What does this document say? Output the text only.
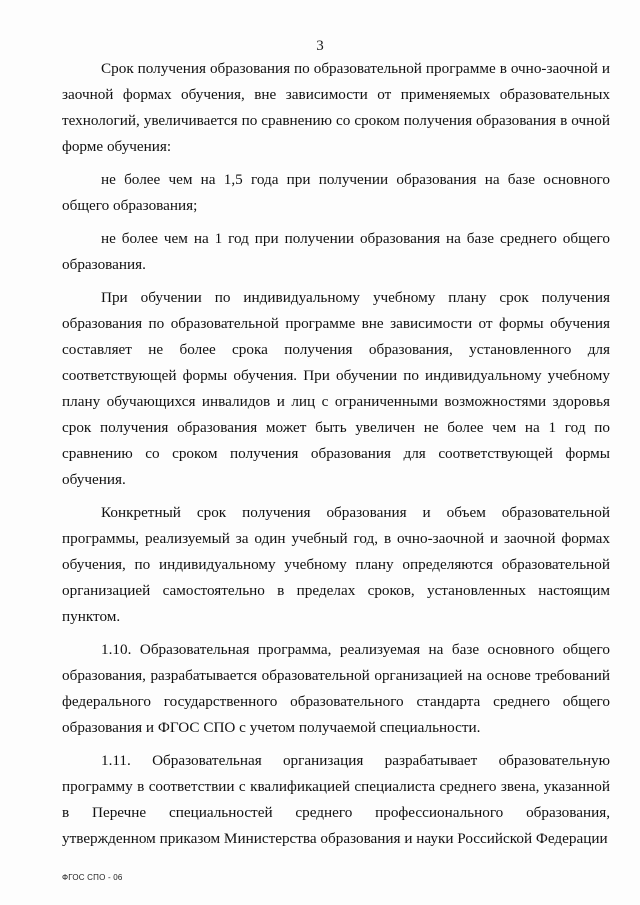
3

Срок получения образования по образовательной программе в очно-заочной и заочной формах обучения, вне зависимости от применяемых образовательных технологий, увеличивается по сравнению со сроком получения образования в очной форме обучения:

не более чем на 1,5 года при получении образования на базе основного общего образования;

не более чем на 1 год при получении образования на базе среднего общего образования.

При обучении по индивидуальному учебному плану срок получения образования по образовательной программе вне зависимости от формы обучения составляет не более срока получения образования, установленного для соответствующей формы обучения. При обучении по индивидуальному учебному плану обучающихся инвалидов и лиц с ограниченными возможностями здоровья срок получения образования может быть увеличен не более чем на 1 год по сравнению со сроком получения образования для соответствующей формы обучения.

Конкретный срок получения образования и объем образовательной программы, реализуемый за один учебный год, в очно-заочной и заочной формах обучения, по индивидуальному учебному плану определяются образовательной организацией самостоятельно в пределах сроков, установленных настоящим пунктом.

1.10. Образовательная программа, реализуемая на базе основного общего образования, разрабатывается образовательной организацией на основе требований федерального государственного образовательного стандарта среднего общего образования и ФГОС СПО с учетом получаемой специальности.

1.11. Образовательная организация разрабатывает образовательную программу в соответствии с квалификацией специалиста среднего звена, указанной в Перечне специальностей среднего профессионального образования, утвержденном приказом Министерства образования и науки Российской Федерации

ФГОС СПО - 06
